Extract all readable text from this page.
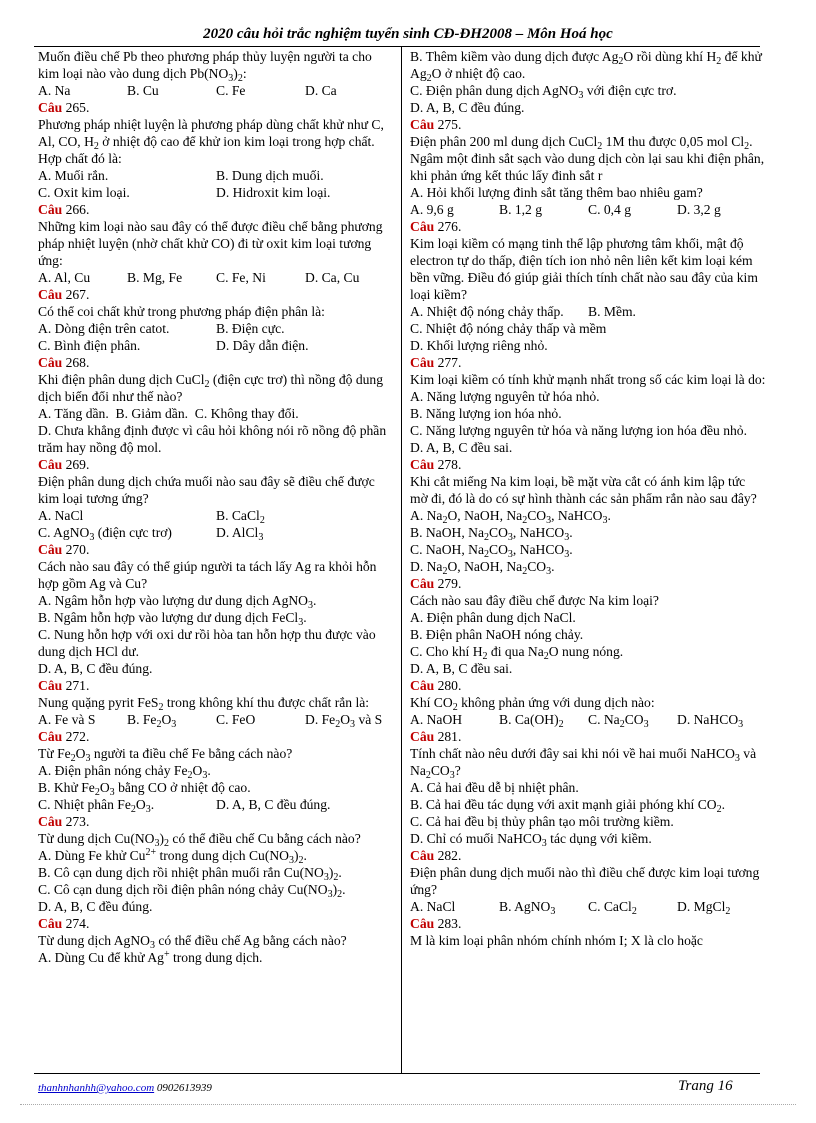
2020 câu hỏi trắc nghiệm tuyển sinh CĐ-ĐH2008 – Môn Hoá học

Muốn điều chế Pb theo phương pháp thủy luyện người ta cho kim loại nào vào dung dịch $Pb(NO_3)_2$:

A. Na	B. Cu	C. Fe	D. Ca

Câu 265.

Phương pháp nhiệt luyện là phương pháp dùng chất khử như C, Al, CO, $H_2$ ở nhiệt độ cao để khử ion kim loại trong hợp chất. Hợp chất đó là:

A. Muối rắn.	B. Dung dịch muối.
C. Oxit kim loại.	D. Hidroxit kim loại.

Câu 266.

Những kim loại nào sau đây có thể được điều chế bằng phương pháp nhiệt luyện (nhờ chất khử CO) đi từ oxit kim loại tương ứng:

A. Al, Cu	B. Mg, Fe	C. Fe, Ni	D. Ca, Cu

Câu 267.

Có thể coi chất khử trong phương pháp điện phân là:

A. Dòng điện trên catot.	B. Điện cực.
C. Bình điện phân.	D. Dây dẫn điện.

Câu 268.

Khi điện phân dung dịch CuCl$_2$ (điện cực trơ) thì nồng độ dung dịch biến đổi như thế nào?

A. Tăng dần.  B. Giảm dần.  C. Không thay đổi.

D. Chưa khẳng định được vì câu hỏi không nói rõ nồng độ phần trăm hay nồng độ mol.

Câu 269.

Điện phân dung dịch chứa muối nào sau đây sẽ điều chế được kim loại tương ứng?

A. NaCl	B. CaCl$_2$
C. AgNO$_3$ (điện cực trơ)	D. AlCl$_3$

Câu 270.

Cách nào sau đây có thể giúp người ta tách lấy Ag ra khỏi hỗn hợp gồm Ag và Cu?

A. Ngâm hỗn hợp vào lượng dư dung dịch AgNO$_3$.

B. Ngâm hỗn hợp vào lượng dư dung dịch FeCl$_3$.

C. Nung hỗn hợp với oxi dư rồi hòa tan hỗn hợp thu được vào dung dịch HCl dư.

D. A, B, C đều đúng.

Câu 271.

Nung quặng pyrit FeS$_2$ trong không khí thu được chất rắn là:

A. Fe và S	B. $Fe_2O_3$	C. FeO	D. $Fe_2O_3$ và S

Câu 272.

Từ $Fe_2O_3$ người ta điều chế Fe bằng cách nào?

A. Điện phân nóng chảy $Fe_2O_3$.

B. Khử $Fe_2O_3$ bằng CO ở nhiệt độ cao.

C. Nhiệt phân $Fe_2O_3$.	D. A, B, C đều đúng.

Câu 273.

Từ dung dịch $Cu(NO_3)_2$ có thể điều chế Cu bằng cách nào?

A. Dùng Fe khử $Cu^{2+}$ trong dung dịch $Cu(NO_3)_2$.

B. Cô cạn dung dịch rồi nhiệt phân muối rắn $Cu(NO_3)_2$.

C. Cô cạn dung dịch rồi điện phân nóng chảy $Cu(NO_3)_2$.

D. A, B, C đều đúng.

Câu 274.

Từ dung dịch AgNO$_3$ có thể điều chế Ag bằng cách nào?

A. Dùng Cu để khử Ag+ trong dung dịch.

B. Thêm kiềm vào dung dịch được $Ag_2O$ rồi dùng khí $H_2$ để khử $Ag_2O$ ở nhiệt độ cao.

C. Điện phân dung dịch AgNO$_3$ với điện cực trơ.

D. A, B, C đều đúng.

Câu 275.

Điện phân 200 ml dung dịch CuCl$_2$ 1M thu được 0,05 mol $Cl_2$. Ngâm một đinh sắt sạch vào dung dịch còn lại sau khi điện phân, khi phản ứng kết thúc lấy đinh sắt r

A. Hỏi khối lượng đinh sắt tăng thêm bao nhiêu gam?

A. 9,6 g	B. 1,2 g	C. 0,4 g	D. 3,2 g

Câu 276.

Kim loại kiềm có mạng tinh thể lập phương tâm khối, mật độ electron tự do thấp, điện tích ion nhỏ nên liên kết kim loại kém bền vững. Điều đó giúp giải thích tính chất nào sau đây của kim loại kiềm?

A. Nhiệt độ nóng chảy thấp.	B. Mềm.

C. Nhiệt độ nóng chảy thấp và mềm

D. Khối lượng riêng nhỏ.

Câu 277.

Kim loại kiềm có tính khử mạnh nhất trong số các kim loại là do:

A. Năng lượng nguyên tử hóa nhỏ.

B. Năng lượng ion hóa nhỏ.

C. Năng lượng nguyên tử hóa và năng lượng ion hóa đều nhỏ.

D. A, B, C đều sai.

Câu 278.

Khi cắt miếng Na kim loại, bề mặt vừa cắt có ánh kim lập tức mờ đi, đó là do có sự hình thành các sản phẩm rắn nào sau đây?

A. $Na_2O$, NaOH, $Na_2CO_3$, NaHCO$_3$.

B. NaOH, $Na_2CO_3$, NaHCO$_3$.

C. NaOH, $Na_2CO_3$, NaHCO$_3$.

D. $Na_2O$, NaOH, $Na_2CO_3$.

Câu 279.

Cách nào sau đây điều chế được Na kim loại?

A. Điện phân dung dịch NaCl.

B. Điện phân NaOH nóng chảy.

C. Cho khí $H_2$ đi qua $Na_2O$ nung nóng.

D. A, B, C đều sai.

Câu 280.

Khí $CO_2$ không phản ứng với dung dịch nào:

A. NaOH	B. $Ca(OH)_2$	C. $Na_2CO_3$	D. NaHCO$_3$

Câu 281.

Tính chất nào nêu dưới đây sai khi nói về hai muối NaHCO$_3$ và $Na_2CO_3$?

A. Cả hai đều dễ bị nhiệt phân.

B. Cả hai đều tác dụng với axit mạnh giải phóng khí $CO_2$.

C. Cả hai đều bị thủy phân tạo môi trường kiềm.

D. Chỉ có muối NaHCO$_3$ tác dụng với kiềm.

Câu 282.

Điện phân dung dịch muối nào thì điều chế được kim loại tương ứng?

A. NaCl	B. AgNO$_3$	C. CaCl$_2$	D. MgCl$_2$

Câu 283.

M là kim loại phân nhóm chính nhóm I; X là clo hoặc

thanhnhanhh@yahoo.com 0902613939	Trang 16
